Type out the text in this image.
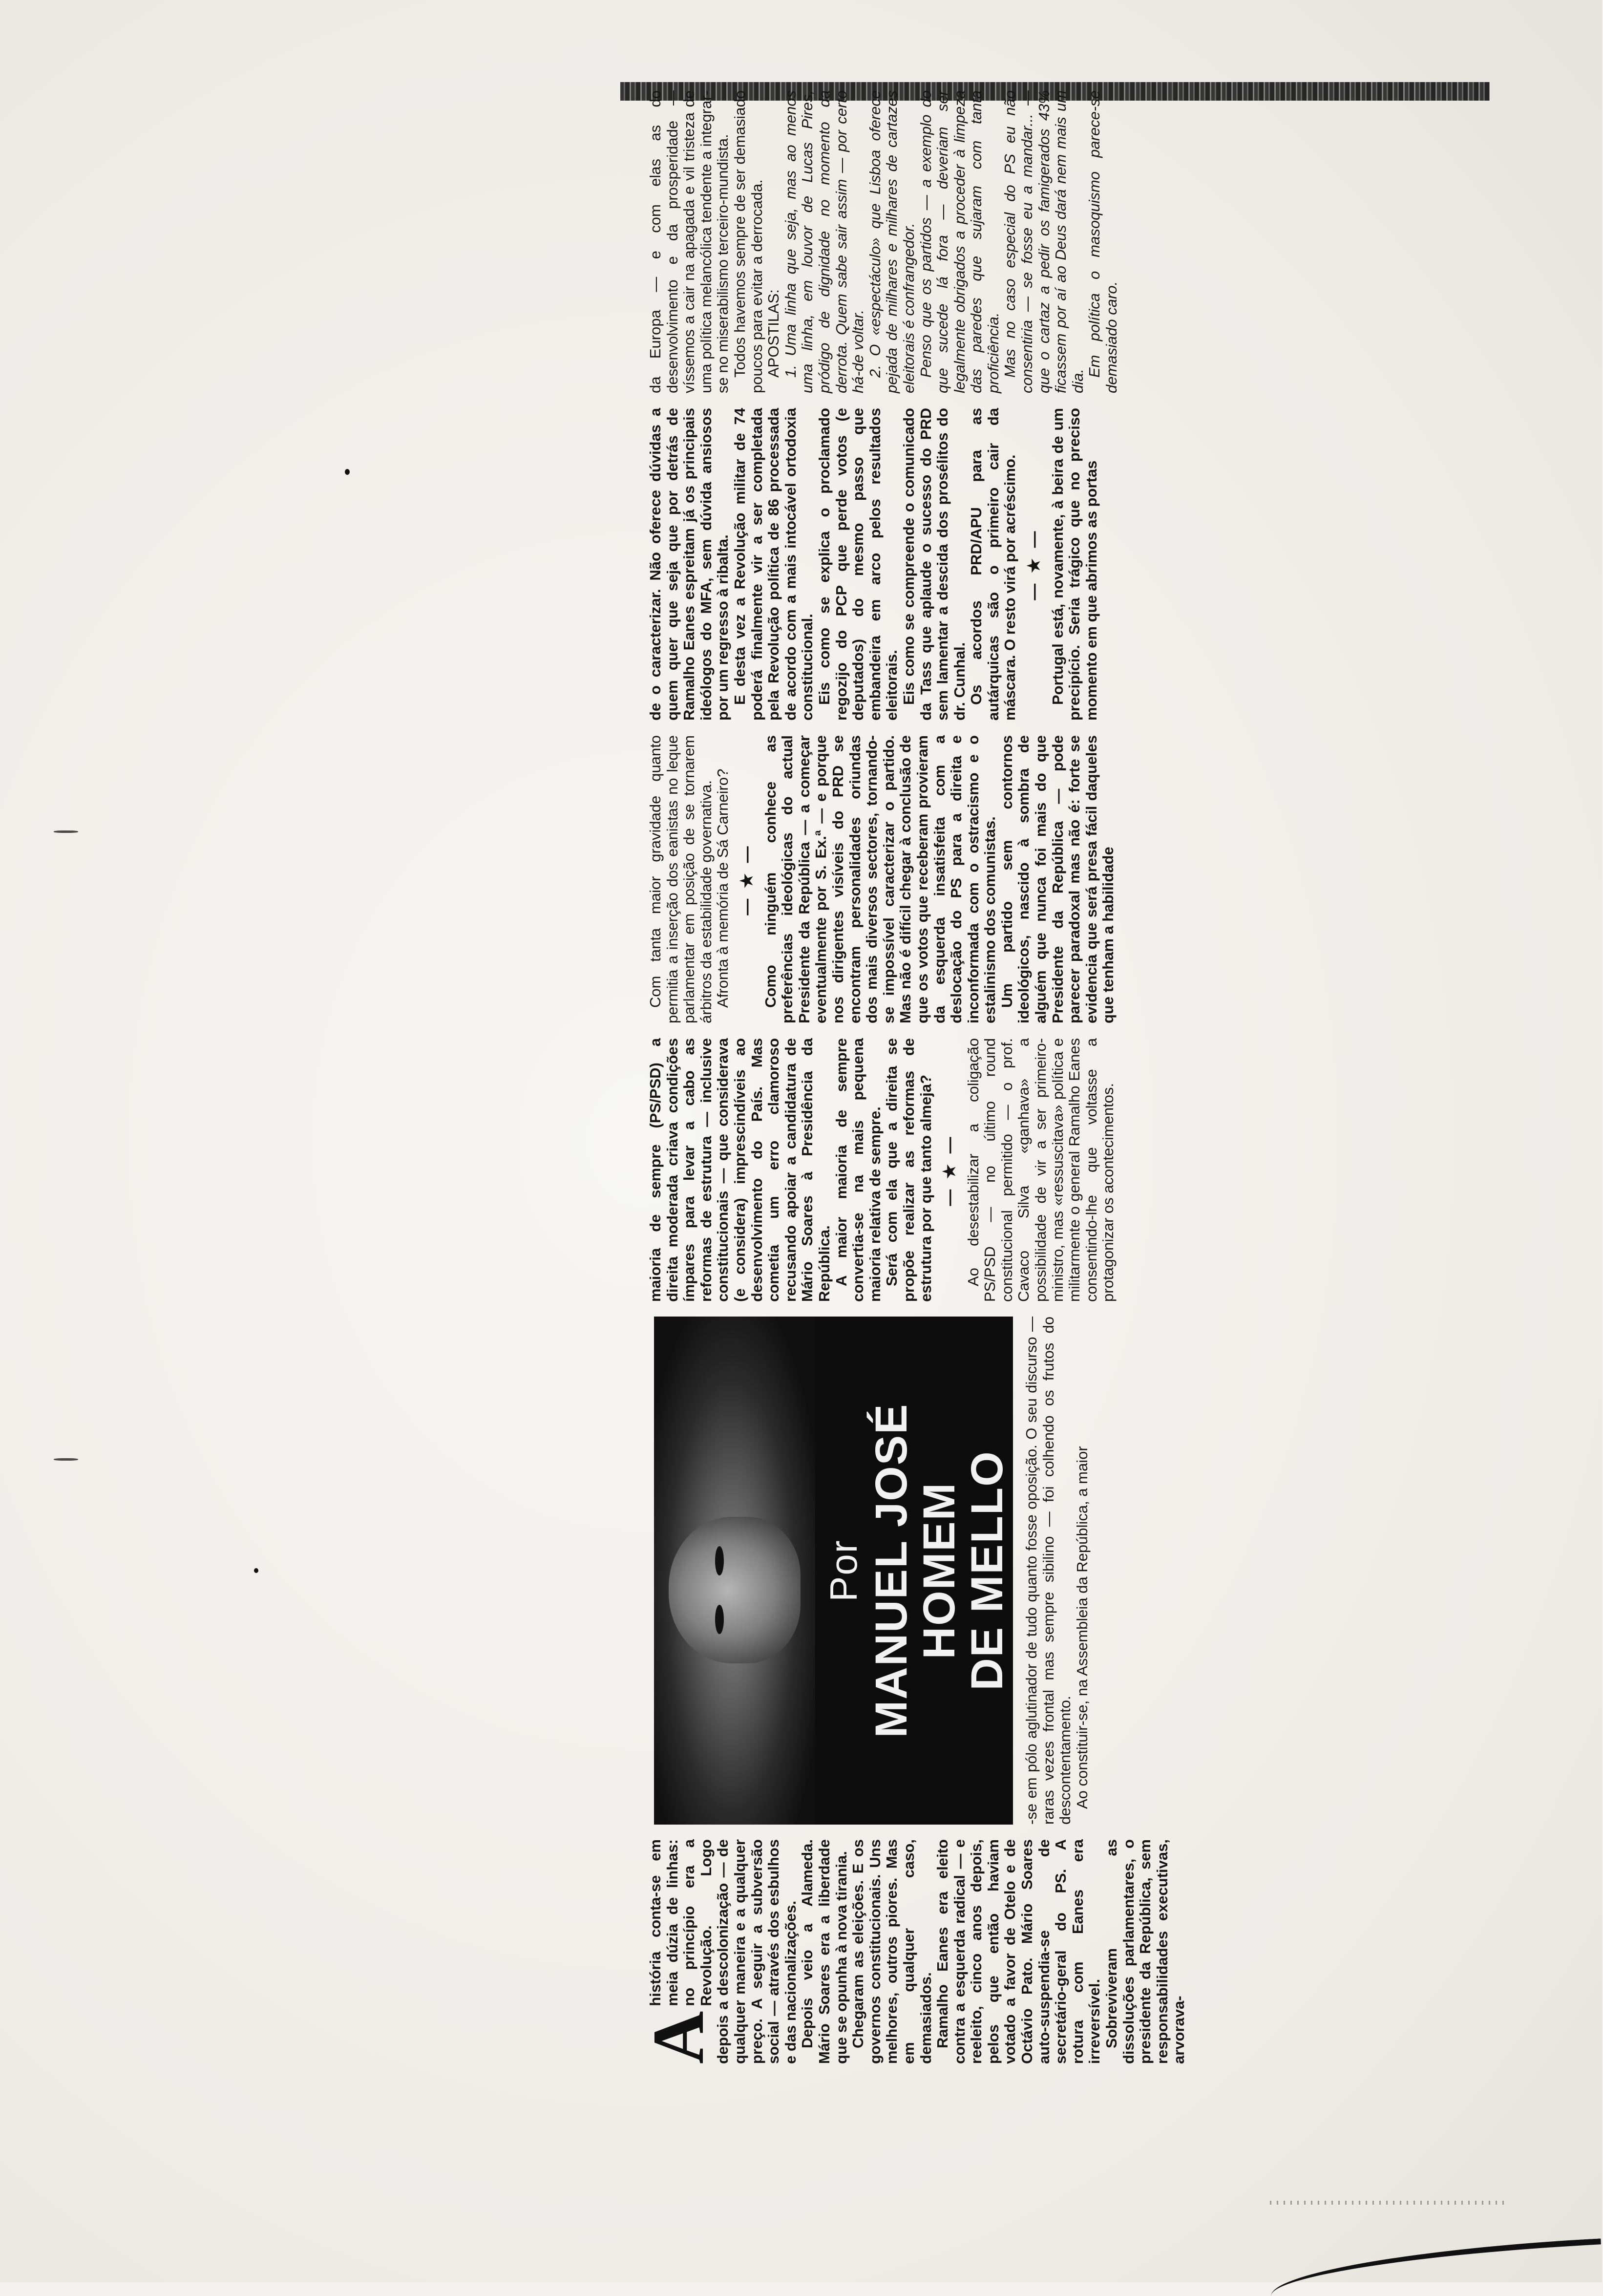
A

história conta-se em meia dúzia de linhas: no princípio era a Revolução. Logo depois a descolonização — de qualquer maneira e a qualquer preço. A seguir a subversão social — através dos esbulhos e das nacionalizações. Depois veio a Alameda. Mário Soares era a liberdade que se opunha à nova tirania. Chegaram as eleições. E os governos constitucionais. Uns melhores, outros piores. Mas em qualquer caso, demasiados. Ramalho Eanes era eleito contra a esquerda radical — e reeleito, cinco anos depois, pelos que então haviam votado a favor de Otelo e de Octávio Pato. Mário Soares auto-suspendia-se de secretário-geral do PS. A rotura com Eanes era irreversível. Sobreviveram as dissoluções parlamentares, o presidente da República, sem responsabilidades executivas, arvorava-

Por MANUEL JOSÉ
HOMEM
DE MELLO

maioria de sempre (PS/PSD) a direita moderada criava condições ímpares para levar a cabo as reformas de estrutura — inclusive constitucionais — que considerava (e considera) imprescindíveis ao desenvolvimento do País. Mas cometia um erro clamoroso recusando apoiar a candidatura de Mário Soares à Presidência da República. A maior maioria de sempre convertia-se na mais pequena maioria relativa de sempre. Será com ela que a direita se propõe realizar as reformas de estrutura por que tanto almeja? — ★ — Ao desestabilizar a coligação PS/PSD — no último round constitucional permitido — o prof. Cavaco Silva «ganhava» a possibilidade de vir a ser primeiro-ministro, mas «ressuscitava» política e militarmente o general Ramalho Eanes consentindo-lhe que voltasse a protagonizar os acontecimentos.

Com tanta maior gravidade quanto permitia a inserção dos eanistas no leque parlamentar em posição de se tornarem árbitros da estabilidade governativa. Afronta à memória de Sá Carneiro? — ★ — Como ninguém conhece as preferências ideológicas do actual Presidente da República — a começar eventualmente por S. Ex.ª — e porque nos dirigentes visíveis do PRD se encontram personalidades oriundas dos mais diversos sectores, tornando-se impossível caracterizar o partido. Mas não é difícil chegar à conclusão de que os votos que receberam provieram da esquerda insatisfeita com a deslocação do PS para a direita e inconformada com o ostracismo e o estalinismo dos comunistas. Um partido sem contornos ideológicos, nascido à sombra de alguém que nunca foi mais do que Presidente da República — pode parecer paradoxal mas não é: forte se evidencia que será presa fácil daqueles que tenham a habilidade

de o caracterizar. Não oferece dúvidas a quem quer que seja que por detrás de Ramalho Eanes espreitam já os principais ideólogos do MFA, sem dúvida ansiosos por um regresso à ribalta. E desta vez a Revolução militar de 74 poderá finalmente vir a ser completada pela Revolução política de 86 processada de acordo com a mais intocável ortodoxia constitucional. Eis como se explica o proclamado regozijo do PCP que perde votos (e deputados) do mesmo passo que embandeira em arco pelos resultados eleitorais. Eis como se compreende o comunicado da Tass que aplaude o sucesso do PRD sem lamentar a descida dos prosélitos do dr. Cunhal. Os acordos PRD/APU para as autárquicas são o primeiro cair da máscara. O resto virá por acréscimo. — ★ — Portugal está, novamente, à beira de um precipício. Seria trágico que no preciso momento em que abrimos as portas

da Europa — e com elas as do desenvolvimento e da prosperidade — víssemos a cair na apagada e vil tristeza de uma política melancólica tendente a integrar-se no miserabilismo terceiro-mundista. Todos havemos sempre de ser demasiado poucos para evitar a derrocada. APOSTILAS: 1. Uma linha que seja, mas ao menos uma linha, em louvor de Lucas Pires, pródigo de dignidade no momento da derrota. Quem sabe sair assim — por certo há-de voltar. 2. O «espectáculo» que Lisboa oferece pejada de milhares e milhares de cartazes eleitorais é confrangedor. Penso que os partidos — a exemplo do que sucede lá fora — deveriam ser legalmente obrigados a proceder à limpeza das paredes que sujaram com tanta proficiência. Mas no caso especial do PS eu não consentiria — se fosse eu a mandar... — que o cartaz a pedir os famigerados 43% ficassem por aí ao Deus dará nem mais um dia.

Em política o masoquismo parece-se demasiado caro.

-se em pólo aglutinador de tudo quanto fosse oposição. O seu discurso — raras vezes frontal mas sempre sibilino — foi colhendo os frutos do descontentamento. Ao constituir-se, na Assembleia da República, a maior
